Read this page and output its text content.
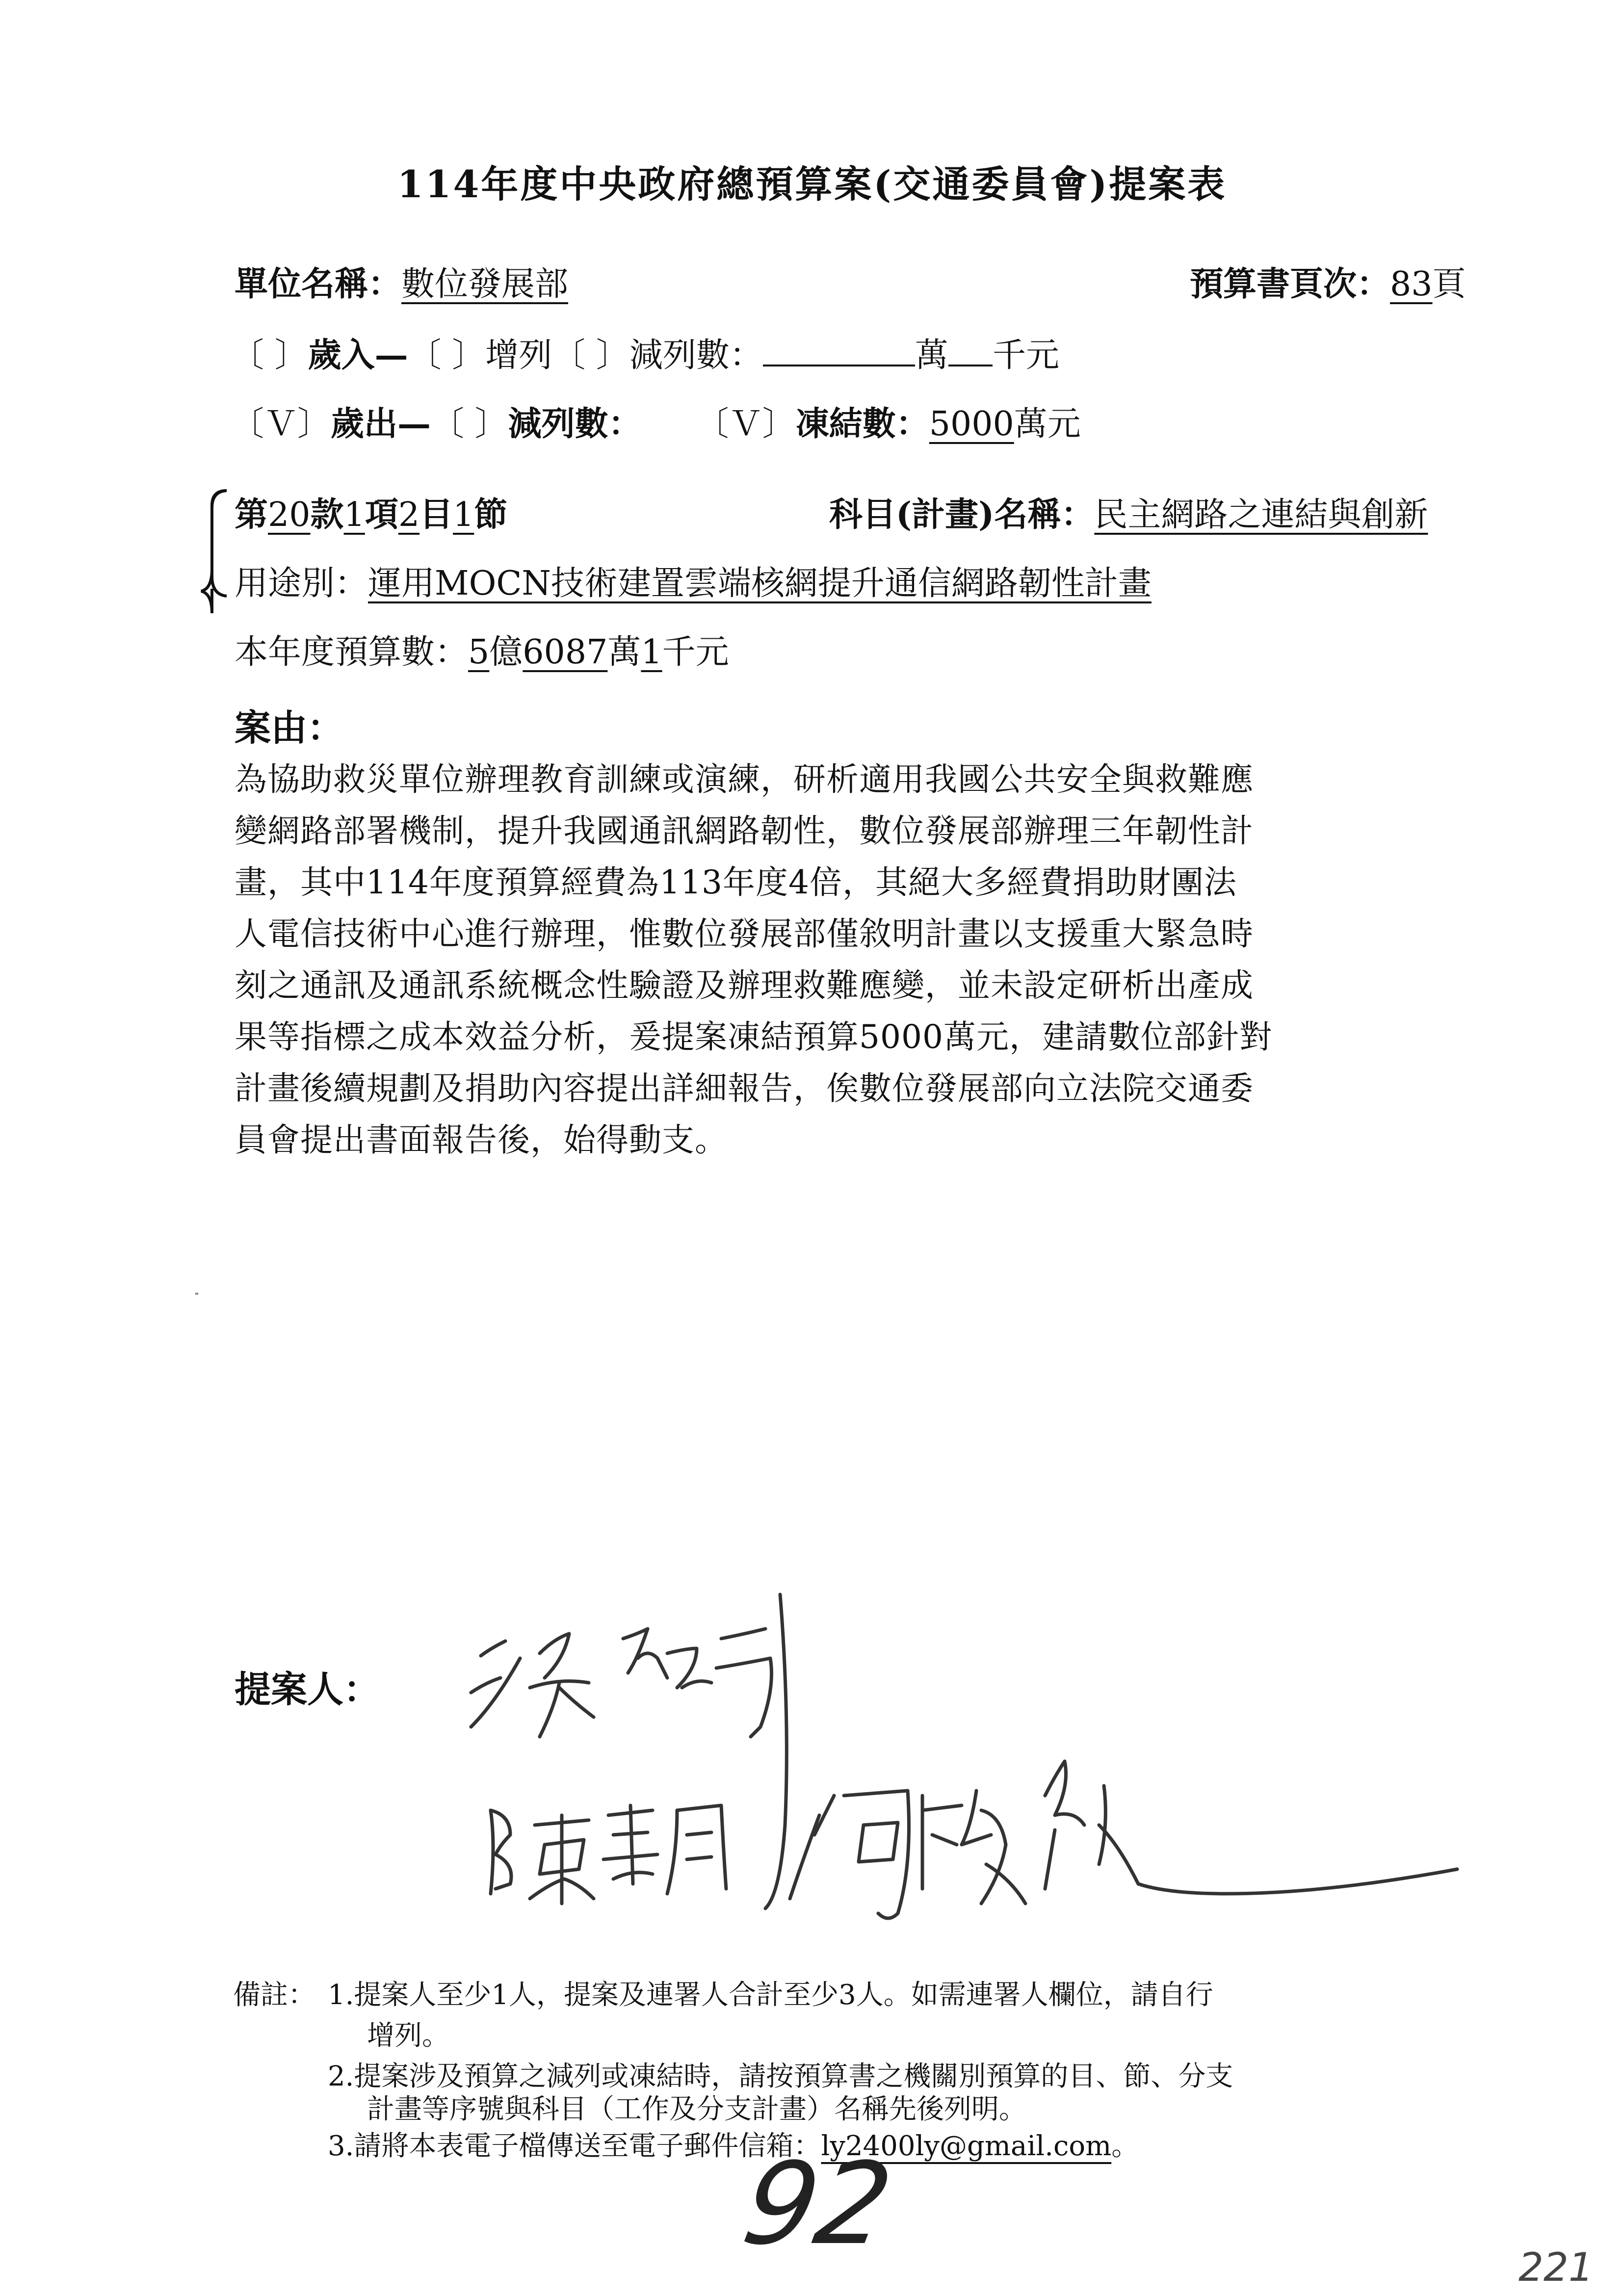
114年度中央政府總預算案(交通委員會)提案表
單位名稱：數位發展部	預算書頁次：83頁
〔 〕歲入—〔 〕增列〔 〕減列數：	萬 千元
〔Ｖ〕歲出—〔 〕減列數： 〔Ｖ〕凍結數：5000萬元
第20款1項2目1節	科目(計畫)名稱：民主網路之連結與創新
用途別：運用MOCN技術建置雲端核網提升通信網路韌性計畫
本年度預算數：5億6087萬1千元
案由：
為協助救災單位辦理教育訓練或演練，研析適用我國公共安全與救難應
變網路部署機制，提升我國通訊網路韌性，數位發展部辦理三年韌性計
畫，其中114年度預算經費為113年度4倍，其絕大多經費捐助財團法
人電信技術中心進行辦理，惟數位發展部僅敘明計畫以支援重大緊急時
刻之通訊及通訊系統概念性驗證及辦理救難應變，並未設定研析出產成
果等指標之成本效益分析，爰提案凍結預算5000萬元，建請數位部針對
計畫後續規劃及捐助內容提出詳細報告，俟數位發展部向立法院交通委
員會提出書面報告後，始得動支。
提案人：
備註： 1.提案人至少1人，提案及連署人合計至少3人。如需連署人欄位，請自行
增列。
2.提案涉及預算之減列或凍結時，請按預算書之機關別預算的目、節、分支
計畫等序號與科目（工作及分支計畫）名稱先後列明。
3.請將本表電子檔傳送至電子郵件信箱：ly2400ly@gmail.com。
92	221
